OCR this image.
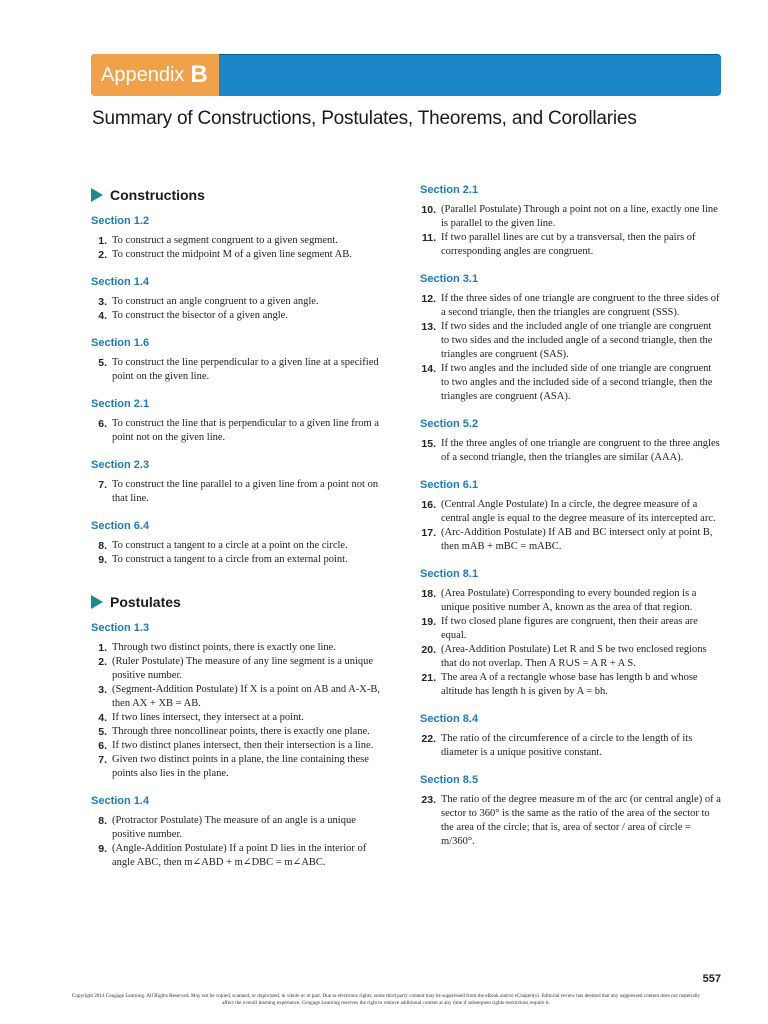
Appendix B
Summary of Constructions, Postulates, Theorems, and Corollaries
Constructions
Section 1.2
1. To construct a segment congruent to a given segment.
2. To construct the midpoint M of a given line segment AB.
Section 1.4
3. To construct an angle congruent to a given angle.
4. To construct the bisector of a given angle.
Section 1.6
5. To construct the line perpendicular to a given line at a specified point on the given line.
Section 2.1
6. To construct the line that is perpendicular to a given line from a point not on the given line.
Section 2.3
7. To construct the line parallel to a given line from a point not on that line.
Section 6.4
8. To construct a tangent to a circle at a point on the circle.
9. To construct a tangent to a circle from an external point.
Postulates
Section 1.3
1. Through two distinct points, there is exactly one line.
2. (Ruler Postulate) The measure of any line segment is a unique positive number.
3. (Segment-Addition Postulate) If X is a point on AB and A-X-B, then AX + XB = AB.
4. If two lines intersect, they intersect at a point.
5. Through three noncollinear points, there is exactly one plane.
6. If two distinct planes intersect, then their intersection is a line.
7. Given two distinct points in a plane, the line containing these points also lies in the plane.
Section 1.4
8. (Protractor Postulate) The measure of an angle is a unique positive number.
9. (Angle-Addition Postulate) If a point D lies in the interior of angle ABC, then m∠ABD + m∠DBC = m∠ABC.
Section 2.1
10. (Parallel Postulate) Through a point not on a line, exactly one line is parallel to the given line.
11. If two parallel lines are cut by a transversal, then the pairs of corresponding angles are congruent.
Section 3.1
12. If the three sides of one triangle are congruent to the three sides of a second triangle, then the triangles are congruent (SSS).
13. If two sides and the included angle of one triangle are congruent to two sides and the included angle of a second triangle, then the triangles are congruent (SAS).
14. If two angles and the included side of one triangle are congruent to two angles and the included side of a second triangle, then the triangles are congruent (ASA).
Section 5.2
15. If the three angles of one triangle are congruent to the three angles of a second triangle, then the triangles are similar (AAA).
Section 6.1
16. (Central Angle Postulate) In a circle, the degree measure of a central angle is equal to the degree measure of its intercepted arc.
17. (Arc-Addition Postulate) If AB and BC intersect only at point B, then mAB + mBC = mABC.
Section 8.1
18. (Area Postulate) Corresponding to every bounded region is a unique positive number A, known as the area of that region.
19. If two closed plane figures are congruent, then their areas are equal.
20. (Area-Addition Postulate) Let R and S be two enclosed regions that do not overlap. Then A R∪S = A R + A S.
21. The area A of a rectangle whose base has length b and whose altitude has length h is given by A = bh.
Section 8.4
22. The ratio of the circumference of a circle to the length of its diameter is a unique positive constant.
Section 8.5
23. The ratio of the degree measure m of the arc (or central angle) of a sector to 360° is the same as the ratio of the area of the sector to the area of the circle; that is, area of sector / area of circle = m/360°.
557
Copyright 2014 Cengage Learning. All Rights Reserved. May not be copied, scanned, or duplicated, in whole or in part. Due to electronic rights, some third party content may be suppressed from the eBook and/or eChapter(s). Editorial review has deemed that any suppressed content does not materially affect the overall learning experience. Cengage Learning reserves the right to remove additional content at any time if subsequent rights restrictions require it.
